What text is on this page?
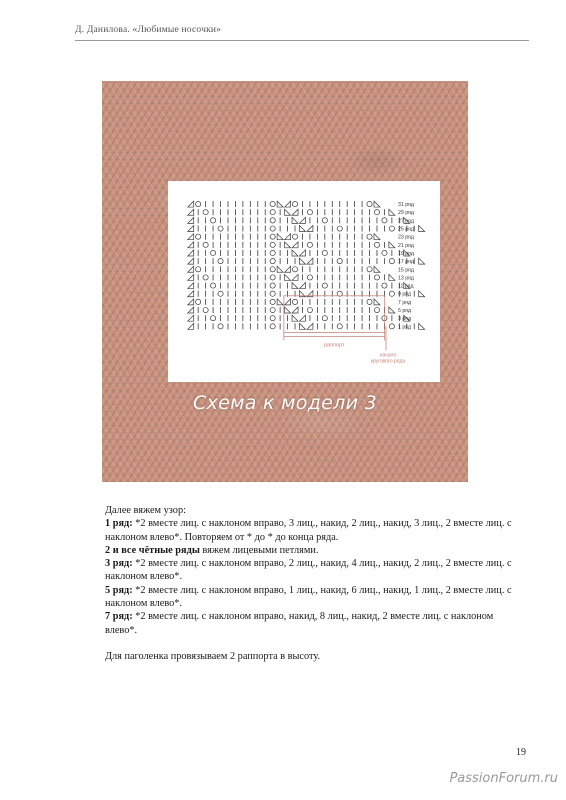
Д. Данилова. «Любимые носочки»
31 ряд
29 ряд
27 ряд
25 ряд
23 ряд
21 ряд
19 ряд
17 ряд
15 ряд
13 ряд
11 ряд
9 ряд
7 ряд
5 ряд
3 ряд
1 ряд
раппорт
начало
кругового ряда
Схема к модели 3

Далее вяжем узор:

1 ряд: *2 вместе лиц. с наклоном вправо, 3 лиц., накид, 2 лиц., накид, 3 лиц., 2 вместе лиц. с наклоном влево*. Повторяем от * до * до конца ряда.

2 и все чётные ряды вяжем лицевыми петлями.

3 ряд: *2 вместе лиц. с наклоном вправо, 2 лиц., накид, 4 лиц., накид, 2 лиц., 2 вместе лиц. с наклоном влево*.

5 ряд: *2 вместе лиц. с наклоном вправо, 1 лиц., накид, 6 лиц., накид, 1 лиц., 2 вместе лиц. с наклоном влево*.

7 ряд: *2 вместе лиц. с наклоном вправо, накид, 8 лиц., накид, 2 вместе лиц. с наклоном влево*.

Для паголенка провязываем 2 раппорта в высоту.

19
PassionForum.ru
